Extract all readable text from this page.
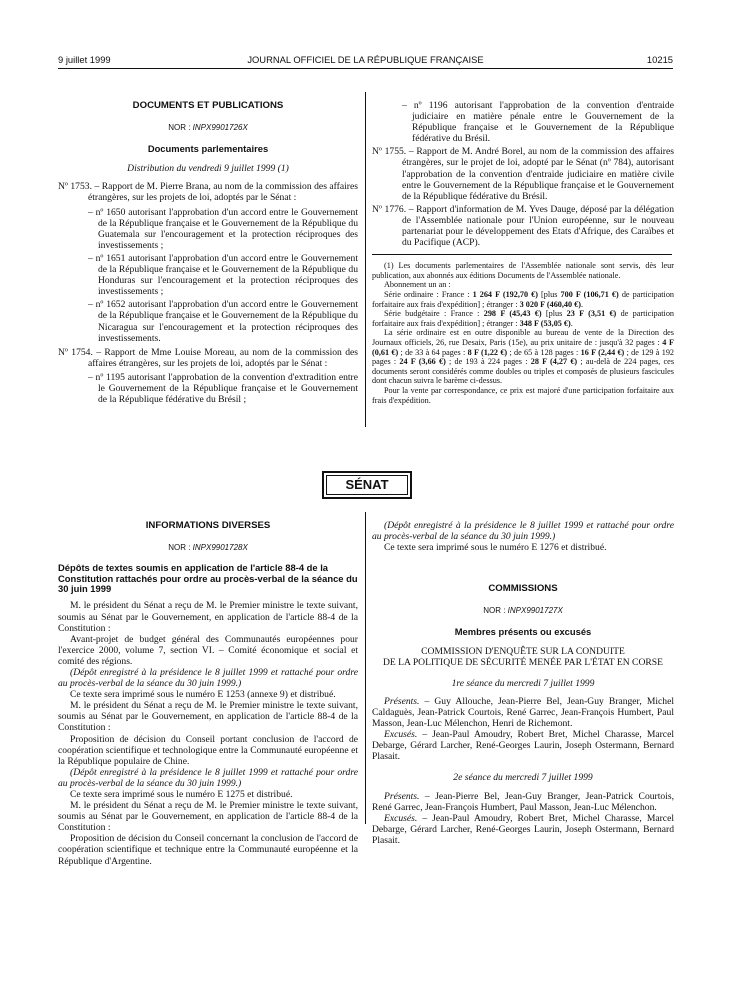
9 juillet 1999	JOURNAL OFFICIEL DE LA RÉPUBLIQUE FRANÇAISE	10215

DOCUMENTS ET PUBLICATIONS

NOR : INPX9901726X

Documents parlementaires

Distribution du vendredi 9 juillet 1999 (1)

Nº 1753. – Rapport de M. Pierre Brana, au nom de la commission des affaires étrangères, sur les projets de loi, adoptés par le Sénat :

– nº 1650 autorisant l'approbation d'un accord entre le Gouvernement de la République française et le Gouvernement de la République du Guatemala sur l'encouragement et la protection réciproques des investissements ;

– nº 1651 autorisant l'approbation d'un accord entre le Gouvernement de la République française et le Gouvernement de la République du Honduras sur l'encouragement et la protection réciproques des investissements ;

– nº 1652 autorisant l'approbation d'un accord entre le Gouvernement de la République française et le Gouvernement de la République du Nicaragua sur l'encouragement et la protection réciproques des investissements.

Nº 1754. – Rapport de Mme Louise Moreau, au nom de la commission des affaires étrangères, sur les projets de loi, adoptés par le Sénat :

– nº 1195 autorisant l'approbation de la convention d'extradition entre le Gouvernement de la République française et le Gouvernement de la République fédérative du Brésil ;

– nº 1196 autorisant l'approbation de la convention d'entraide judiciaire en matière pénale entre le Gouvernement de la République française et le Gouvernement de la République fédérative du Brésil.

Nº 1755. – Rapport de M. André Borel, au nom de la commission des affaires étrangères, sur le projet de loi, adopté par le Sénat (nº 784), autorisant l'approbation de la convention d'entraide judiciaire en matière civile entre le Gouvernement de la République française et le Gouvernement de la République fédérative du Brésil.

Nº 1776. – Rapport d'information de M. Yves Dauge, déposé par la délégation de l'Assemblée nationale pour l'Union européenne, sur le nouveau partenariat pour le développement des Etats d'Afrique, des Caraïbes et du Pacifique (ACP).

(1) Les documents parlementaires de l'Assemblée nationale sont servis, dès leur publication, aux abonnés aux éditions Documents de l'Assemblée nationale.

Abonnement un an :

Série ordinaire : France : 1 264 F (192,70 €) [plus 700 F (106,71 €) de participation forfaitaire aux frais d'expédition] ; étranger : 3 020 F (460,40 €).

Série budgétaire : France : 298 F (45,43 €) [plus 23 F (3,51 €) de participation forfaitaire aux frais d'expédition] ; étranger : 348 F (53,05 €).

La série ordinaire est en outre disponible au bureau de vente de la Direction des Journaux officiels, 26, rue Desaix, Paris (15e), au prix unitaire de : jusqu'à 32 pages : 4 F (0,61 €) ; de 33 à 64 pages : 8 F (1,22 €) ; de 65 à 128 pages : 16 F (2,44 €) ; de 129 à 192 pages : 24 F (3,66 €) ; de 193 à 224 pages : 28 F (4,27 €) ; au-delà de 224 pages, ces documents seront considérés comme doubles ou triples et composés de plusieurs fascicules dont chacun suivra le barème ci-dessus.

Pour la vente par correspondance, ce prix est majoré d'une participation forfaitaire aux frais d'expédition.

SÉNAT

INFORMATIONS DIVERSES

NOR : INPX9901728X

Dépôts de textes soumis en application de l'article 88-4 de la Constitution rattachés pour ordre au procès-verbal de la séance du 30 juin 1999

M. le président du Sénat a reçu de M. le Premier ministre le texte suivant, soumis au Sénat par le Gouvernement, en application de l'article 88-4 de la Constitution :

Avant-projet de budget général des Communautés européennes pour l'exercice 2000, volume 7, section VI. – Comité économique et social et comité des régions.

(Dépôt enregistré à la présidence le 8 juillet 1999 et rattaché pour ordre au procès-verbal de la séance du 30 juin 1999.)

Ce texte sera imprimé sous le numéro E 1253 (annexe 9) et distribué.

M. le président du Sénat a reçu de M. le Premier ministre le texte suivant, soumis au Sénat par le Gouvernement, en application de l'article 88-4 de la Constitution :

Proposition de décision du Conseil portant conclusion de l'accord de coopération scientifique et technologique entre la Communauté européenne et la République populaire de Chine.

(Dépôt enregistré à la présidence le 8 juillet 1999 et rattaché pour ordre au procès-verbal de la séance du 30 juin 1999.)

Ce texte sera imprimé sous le numéro E 1275 et distribué.

M. le président du Sénat a reçu de M. le Premier ministre le texte suivant, soumis au Sénat par le Gouvernement, en application de l'article 88-4 de la Constitution :

Proposition de décision du Conseil concernant la conclusion de l'accord de coopération scientifique et technique entre la Communauté européenne et la République d'Argentine.

(Dépôt enregistré à la présidence le 8 juillet 1999 et rattaché pour ordre au procès-verbal de la séance du 30 juin 1999.)

Ce texte sera imprimé sous le numéro E 1276 et distribué.

COMMISSIONS

NOR : INPX9901727X

Membres présents ou excusés

COMMISSION D'ENQUÊTE SUR LA CONDUITE

DE LA POLITIQUE DE SÉCURITÉ MENÉE PAR L'ÉTAT EN CORSE

1re séance du mercredi 7 juillet 1999

Présents. – Guy Allouche, Jean-Pierre Bel, Jean-Guy Branger, Michel Caldaguès, Jean-Patrick Courtois, René Garrec, Jean-François Humbert, Paul Masson, Jean-Luc Mélenchon, Henri de Richemont.

Excusés. – Jean-Paul Amoudry, Robert Bret, Michel Charasse, Marcel Debarge, Gérard Larcher, René-Georges Laurin, Joseph Ostermann, Bernard Plasait.

2e séance du mercredi 7 juillet 1999

Présents. – Jean-Pierre Bel, Jean-Guy Branger, Jean-Patrick Courtois, René Garrec, Jean-François Humbert, Paul Masson, Jean-Luc Mélenchon.

Excusés. – Jean-Paul Amoudry, Robert Bret, Michel Charasse, Marcel Debarge, Gérard Larcher, René-Georges Laurin, Joseph Ostermann, Bernard Plasait.
